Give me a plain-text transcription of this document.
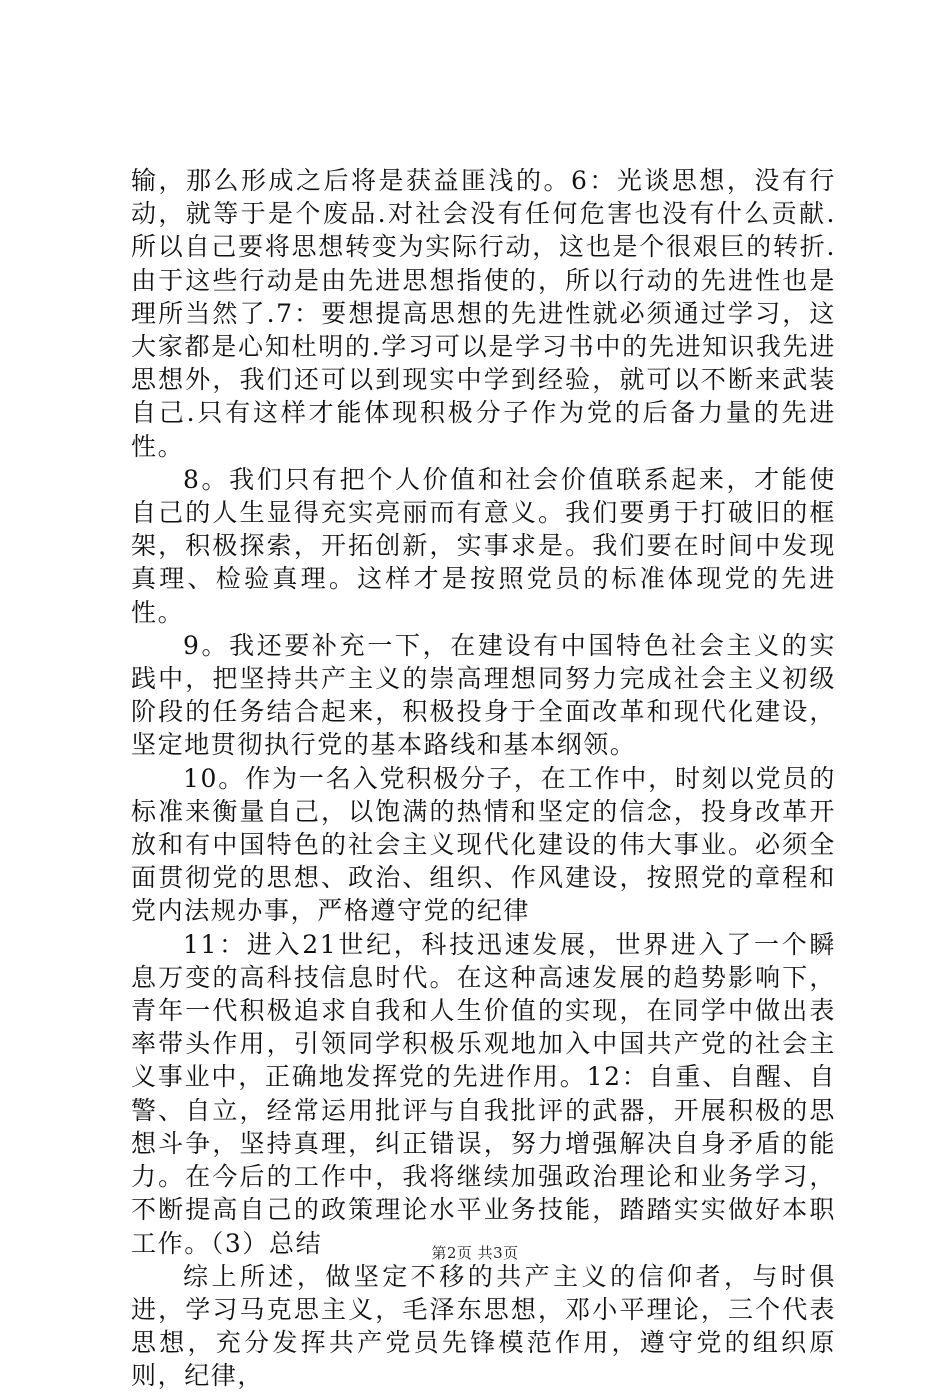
输，那么形成之后将是获益匪浅的。6：光谈思想，没有行动，就等于是个废品.对社会没有任何危害也没有什么贡献.所以自己要将思想转变为实际行动，这也是个很艰巨的转折.由于这些行动是由先进思想指使的，所以行动的先进性也是理所当然了.7：要想提高思想的先进性就必须通过学习，这大家都是心知杜明的.学习可以是学习书中的先进知识我先进思想外，我们还可以到现实中学到经验，就可以不断来武装自己.只有这样才能体现积极分子作为党的后备力量的先进性。

8。我们只有把个人价值和社会价值联系起来，才能使自己的人生显得充实亮丽而有意义。我们要勇于打破旧的框架，积极探索，开拓创新，实事求是。我们要在时间中发现真理、检验真理。这样才是按照党员的标准体现党的先进性。

9。我还要补充一下，在建设有中国特色社会主义的实践中，把坚持共产主义的崇高理想同努力完成社会主义初级阶段的任务结合起来，积极投身于全面改革和现代化建设，坚定地贯彻执行党的基本路线和基本纲领。

10。作为一名入党积极分子，在工作中，时刻以党员的标准来衡量自己，以饱满的热情和坚定的信念，投身改革开放和有中国特色的社会主义现代化建设的伟大事业。必须全面贯彻党的思想、政治、组织、作风建设，按照党的章程和党内法规办事，严格遵守党的纪律

11：进入21世纪，科技迅速发展，世界进入了一个瞬息万变的高科技信息时代。在这种高速发展的趋势影响下，青年一代积极追求自我和人生价值的实现，在同学中做出表率带头作用，引领同学积极乐观地加入中国共产党的社会主义事业中，正确地发挥党的先进作用。12：自重、自醒、自警、自立，经常运用批评与自我批评的武器，开展积极的思想斗争，坚持真理，纠正错误，努力增强解决自身矛盾的能力。在今后的工作中，我将继续加强政治理论和业务学习，不断提高自己的政策理论水平业务技能，踏踏实实做好本职工作。（3）总结

综上所述，做坚定不移的共产主义的信仰者，与时俱进，学习马克思主义，毛泽东思想，邓小平理论，三个代表思想，充分发挥共产党员先锋模范作用，遵守党的组织原则，纪律，

第2页 共3页
